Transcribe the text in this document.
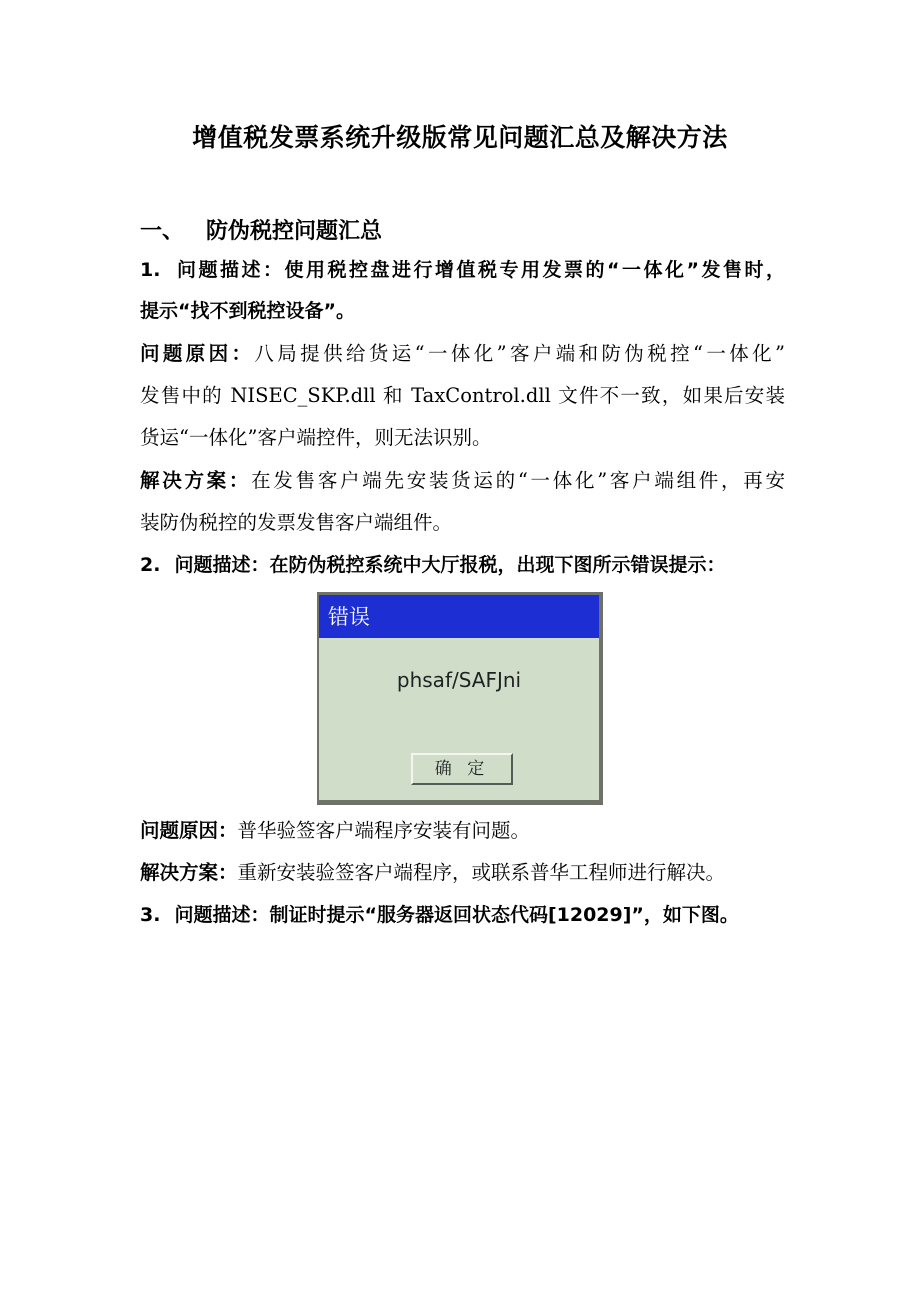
增值税发票系统升级版常见问题汇总及解决方法
一、 防伪税控问题汇总
1. 问题描述：使用税控盘进行增值税专用发票的“一体化”发售时，
提示“找不到税控设备”。
问题原因：八局提供给货运“一体化”客户端和防伪税控“一体化”
发售中的 NISEC_SKP.dll 和 TaxControl.dll 文件不一致，如果后安装
货运“一体化”客户端控件，则无法识别。
解决方案：在发售客户端先安装货运的“一体化”客户端组件，再安
装防伪税控的发票发售客户端组件。
2. 问题描述：在防伪税控系统中大厅报税，出现下图所示错误提示：
错误
phsaf/SAFJni
确 定
问题原因：普华验签客户端程序安装有问题。
解决方案：重新安装验签客户端程序，或联系普华工程师进行解决。
3. 问题描述：制证时提示“服务器返回状态代码[12029]”，如下图。
